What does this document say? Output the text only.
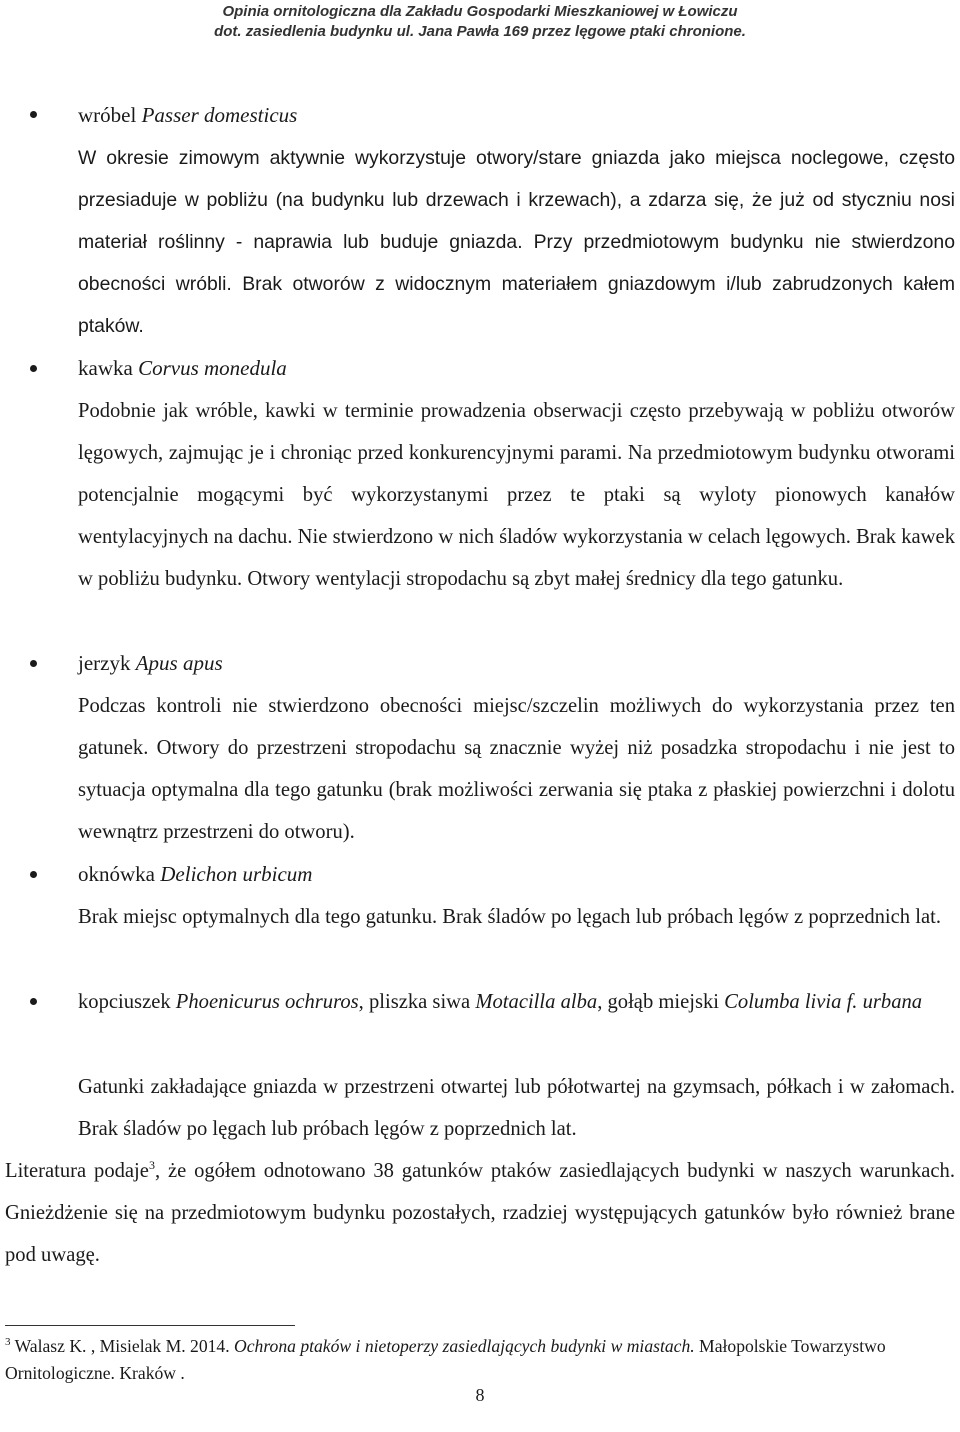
Opinia ornitologiczna dla Zakładu Gospodarki Mieszkaniowej w Łowiczu
dot. zasiedlenia budynku ul. Jana Pawła 169 przez lęgowe ptaki chronione.
wróbel Passer domesticus
W okresie zimowym aktywnie wykorzystuje otwory/stare gniazda jako miejsca noclegowe, często przesiaduje w pobliżu (na budynku lub drzewach i krzewach), a zdarza się, że już od styczniu nosi materiał roślinny - naprawia lub buduje gniazda. Przy przedmiotowym budynku nie stwierdzono obecności wróbli. Brak otworów z widocznym materiałem gniazdowym i/lub zabrudzonych kałem ptaków.
kawka Corvus monedula
Podobnie jak wróble, kawki w terminie prowadzenia obserwacji często przebywają w pobliżu otworów lęgowych, zajmując je i chroniąc przed konkurencyjnymi parami. Na przedmiotowym budynku otworami potencjalnie mogącymi być wykorzystanymi przez te ptaki są wyloty pionowych kanałów wentylacyjnych na dachu. Nie stwierdzono w nich śladów wykorzystania w celach lęgowych. Brak kawek w pobliżu budynku. Otwory wentylacji stropodachu są zbyt małej średnicy dla tego gatunku.
jerzyk Apus apus
Podczas kontroli nie stwierdzono obecności miejsc/szczelin możliwych do wykorzystania przez ten gatunek. Otwory do przestrzeni stropodachu są znacznie wyżej niż posadzka stropodachu i nie jest to sytuacja optymalna dla tego gatunku (brak możliwości zerwania się ptaka z płaskiej powierzchni i dolotu wewnątrz przestrzeni do otworu).
oknówka Delichon urbicum
Brak miejsc optymalnych dla tego gatunku. Brak śladów po lęgach lub próbach lęgów z poprzednich lat.
kopciuszek Phoenicurus ochruros, pliszka siwa Motacilla alba, gołąb miejski Columba livia f. urbana
Gatunki zakładające gniazda w przestrzeni otwartej lub półotwartej na gzymsach, półkach i w załomach. Brak śladów po lęgach lub próbach lęgów z poprzednich lat.
Literatura podaje$^3$, że ogółem odnotowano 38 gatunków ptaków zasiedlających budynki w naszych warunkach. Gnieżdżenie się na przedmiotowym budynku pozostałych, rzadziej występujących gatunków było również brane pod uwagę.
$^3$ Walasz K. , Misielak M. 2014. Ochrona ptaków i nietoperzy zasiedlających budynki w miastach. Małopolskie Towarzystwo Ornitologiczne. Kraków .
8
